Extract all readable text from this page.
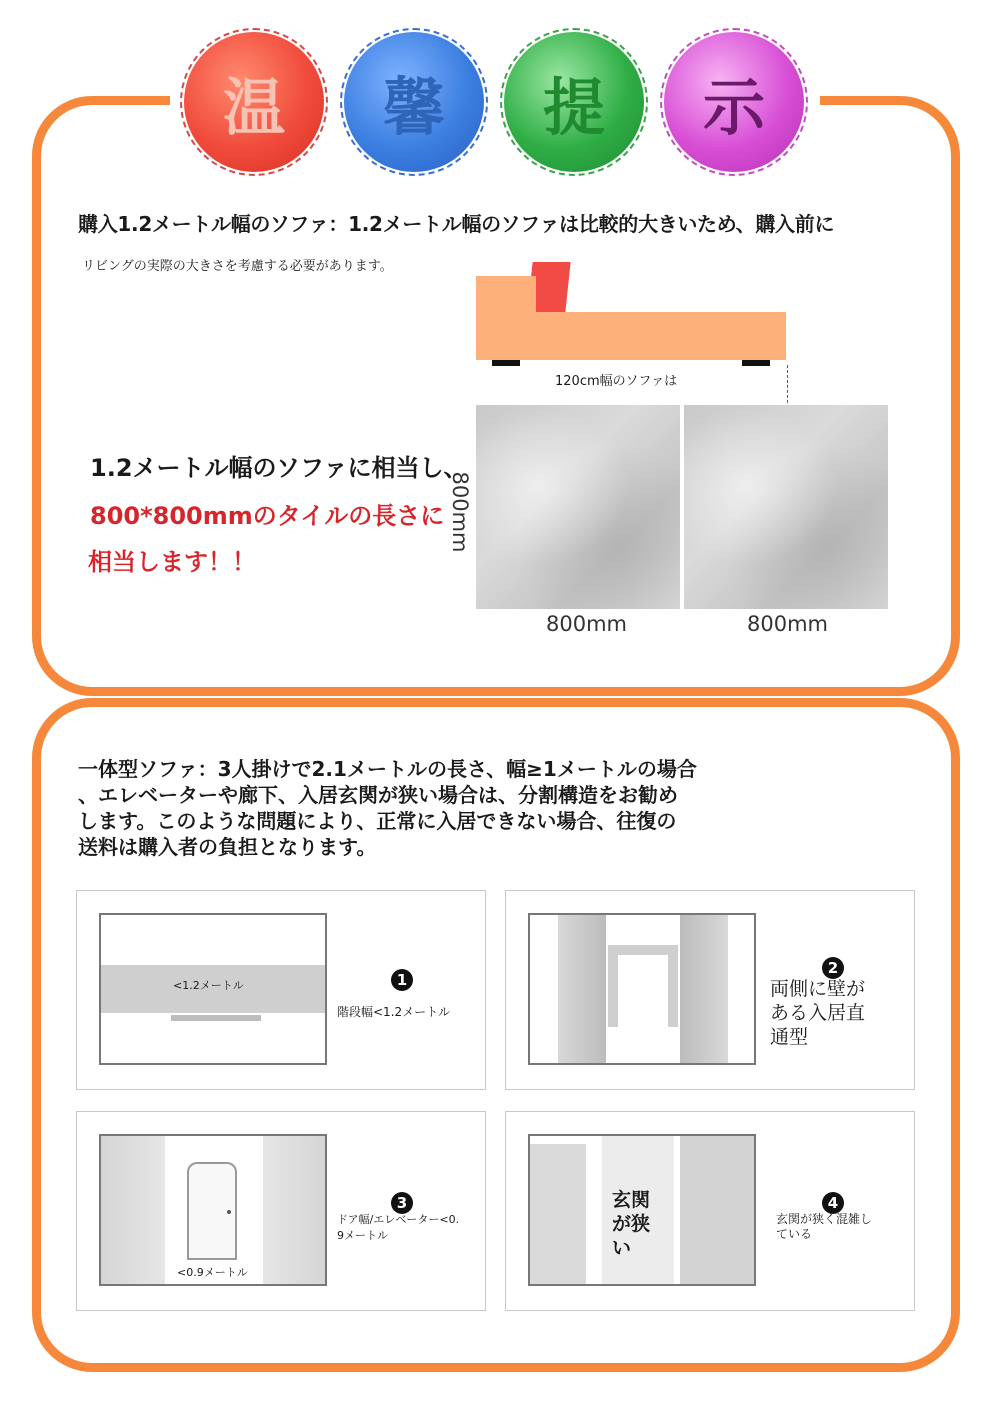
温 馨 提 示
購入1.2メートル幅のソファ：1.2メートル幅のソファは比較的大きいため、購入前に
リビングの実際の大きさを考慮する必要があります。
120cm幅のソファは
800mm	800mm
800mm
1.2メートル幅のソファに相当し、
800*800mmのタイルの長さに
相当します！！
一体型ソファ：3人掛けで2.1メートルの長さ、幅≥1メートルの場合
、エレベーターや廊下、入居玄関が狭い場合は、分割構造をお勧め
します。このような問題により、正常に入居できない場合、往復の
送料は購入者の負担となります。
<1.2メートル	1
階段幅<1.2メートル
2
両側に壁が
ある入居直
通型
<0.9メートル
3
ドア幅/エレベーター<0.
9メートル
玄関
が狭
い
4
玄関が狭く混雑し
ている
